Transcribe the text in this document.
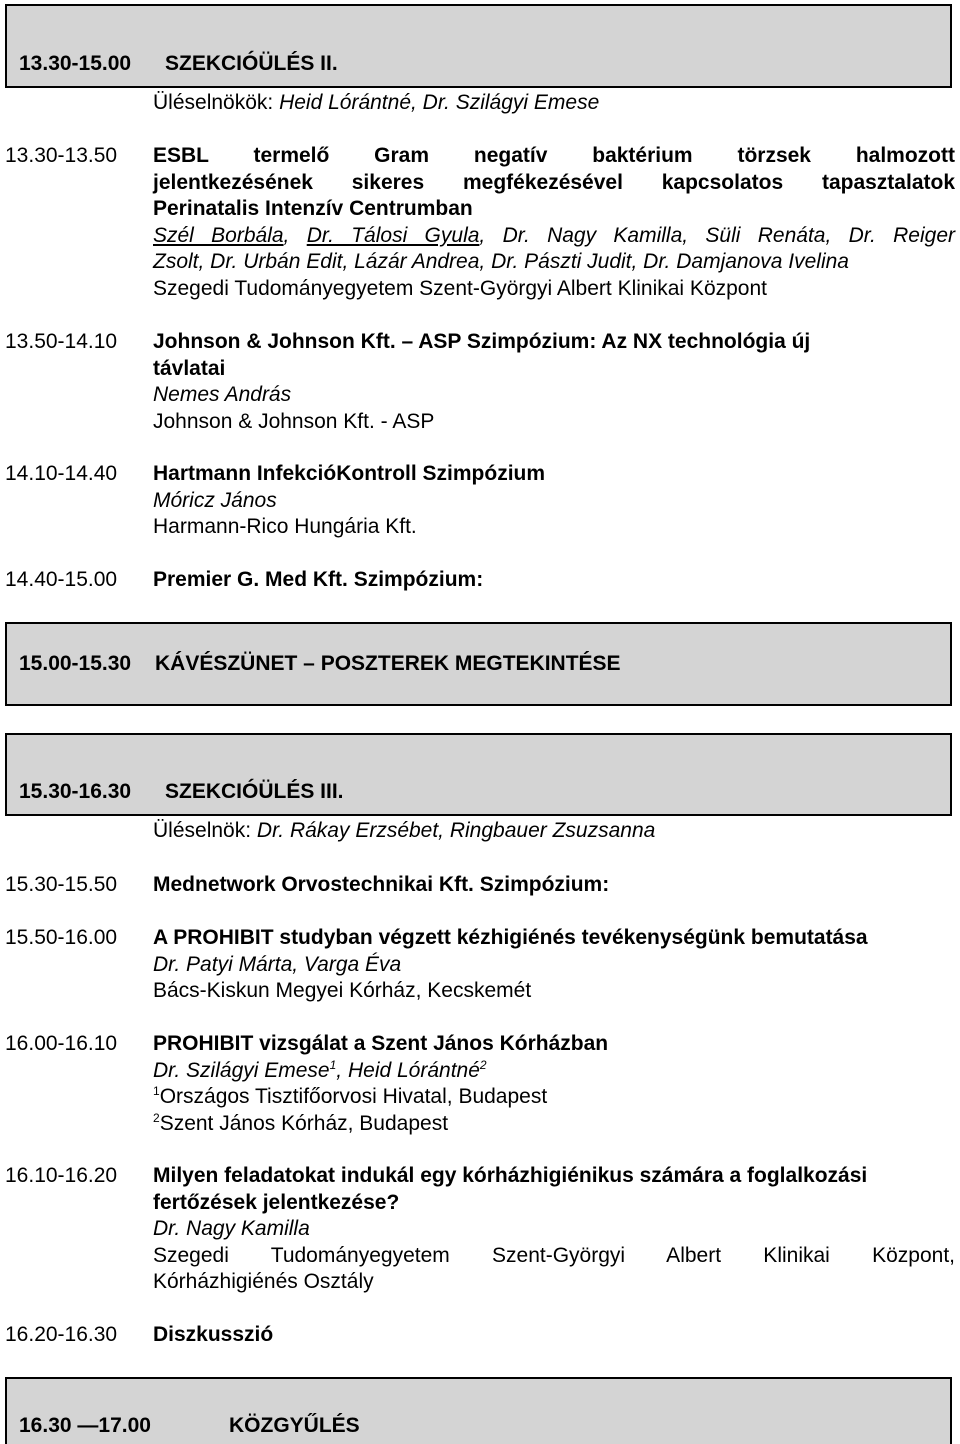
13.30-15.00 SZEKCIÓÜLÉS II.
Üléselnökök: Heid Lórántné, Dr. Szilágyi Emese
13.30-13.50 ESBL termelő Gram negatív baktérium törzsek halmozott
jelentkezésének sikeres megfékezésével kapcsolatos tapasztalatok
Perinatalis Intenzív Centrumban
Szél Borbála, Dr. Tálosi Gyula, Dr. Nagy Kamilla, Süli Renáta, Dr. Reiger
Zsolt, Dr. Urbán Edit, Lázár Andrea, Dr. Pászti Judit, Dr. Damjanova Ivelina
Szegedi Tudományegyetem Szent-Györgyi Albert Klinikai Központ
13.50-14.10 Johnson & Johnson Kft. – ASP Szimpózium: Az NX technológia új
távlatai
Nemes András
Johnson & Johnson Kft. - ASP
14.10-14.40 Hartmann InfekcióKontroll Szimpózium
Móricz János
Harmann-Rico Hungária Kft.
14.40-15.00 Premier G. Med Kft. Szimpózium:
15.00-15.30 KÁVÉSZÜNET – POSZTEREK MEGTEKINTÉSE
15.30-16.30 SZEKCIÓÜLÉS III.
Üléselnök: Dr. Rákay Erzsébet, Ringbauer Zsuzsanna
15.30-15.50 Mednetwork Orvostechnikai Kft. Szimpózium:
15.50-16.00 A PROHIBIT studyban végzett kézhigiénés tevékenységünk bemutatása
Dr. Patyi Márta, Varga Éva
Bács-Kiskun Megyei Kórház, Kecskemét
16.00-16.10 PROHIBIT vizsgálat a Szent János Kórházban
Dr. Szilágyi Emese$^1$, Heid Lórántné$^2$
$^1$Országos Tisztifőorvosi Hivatal, Budapest
$^2$Szent János Kórház, Budapest
16.10-16.20 Milyen feladatokat indukál egy kórházhigiénikus számára a foglalkozási
fertőzések jelentkezése?
Dr. Nagy Kamilla
Szegedi Tudományegyetem Szent-Györgyi Albert Klinikai Központ,
Kórházhigiénés Osztály
16.20-16.30 Diszkusszió
16.30 —17.00	KÖZGYŰLÉS
